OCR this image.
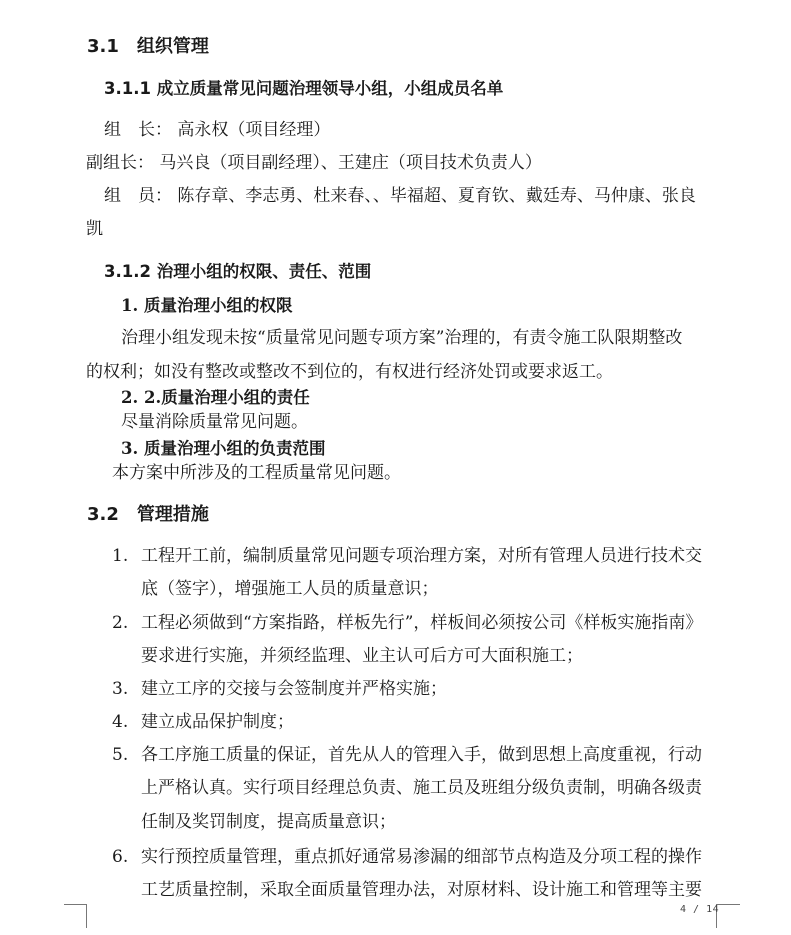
3.1　组织管理
3.1.1 成立质量常见问题治理领导小组，小组成员名单
组　长： 高永权（项目经理）
副组长： 马兴良（项目副经理）、王建庄（项目技术负责人）
组　员： 陈存章、李志勇、杜来春、、毕福超、夏育钦、戴廷寿、马仲康、张良
凯
3.1.2 治理小组的权限、责任、范围
1. 质量治理小组的权限
治理小组发现未按“质量常见问题专项方案”治理的，有责令施工队限期整改
的权利；如没有整改或整改不到位的，有权进行经济处罚或要求返工。
2. 2.质量治理小组的责任
尽量消除质量常见问题。
3. 质量治理小组的负责范围
本方案中所涉及的工程质量常见问题。
3.2　管理措施
1. 工程开工前，编制质量常见问题专项治理方案，对所有管理人员进行技术交
底（签字），增强施工人员的质量意识；
2. 工程必须做到“方案指路，样板先行”，样板间必须按公司《样板实施指南》
要求进行实施，并须经监理、业主认可后方可大面积施工；
3. 建立工序的交接与会签制度并严格实施；
4. 建立成品保护制度；
5. 各工序施工质量的保证，首先从人的管理入手，做到思想上高度重视，行动
上严格认真。实行项目经理总负责、施工员及班组分级负责制，明确各级责
任制及奖罚制度，提高质量意识；
6. 实行预控质量管理，重点抓好通常易渗漏的细部节点构造及分项工程的操作
工艺质量控制，采取全面质量管理办法，对原材料、设计施工和管理等主要
4 / 14
